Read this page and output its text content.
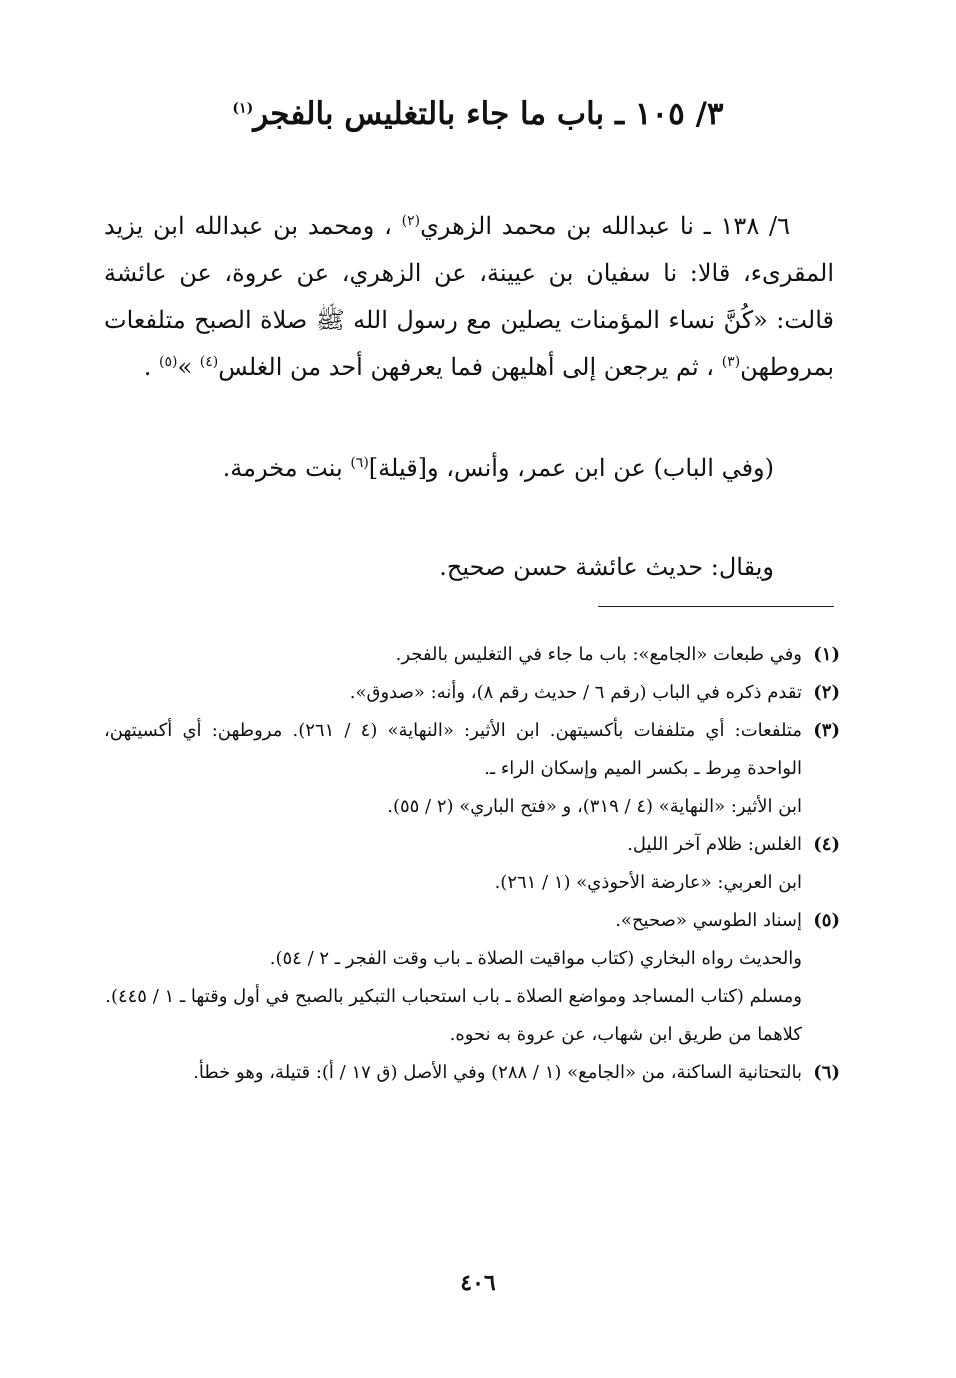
٣/ ١٠٥ ـ باب ما جاء بالتغليس بالفجر$^{(١)}$

٦/ ١٣٨ ـ نا عبدالله بن محمد الزهري$^{(٢)}$ ، ومحمد بن عبدالله ابن يزيد المقرىء، قالا: نا سفيان بن عيينة، عن الزهري، عن عروة، عن عائشة قالت: «كُنَّ نساء المؤمنات يصلين مع رسول الله ﷺ صلاة الصبح متلفعات بمروطهن$^{(٣)}$ ، ثم يرجعن إلى أهليهن فما يعرفهن أحد من الغلس$^{(٤)}$ »$^{(٥)}$ .

(وفي الباب) عن ابن عمر، وأنس، و[قيلة]$^{(٦)}$ بنت مخرمة.
ويقال: حديث عائشة حسن صحيح.
(١)
وفي طبعات «الجامع»: باب ما جاء في التغليس بالفجر.
(٢)
تقدم ذكره في الباب (رقم ٦ / حديث رقم ٨)، وأنه: «صدوق».
(٣)
متلفعات: أي متلففات بأكسيتهن. ابن الأثير: «النهاية» (٤ / ٢٦١). مروطهن: أي أكسيتهن، الواحدة مِرط ـ بكسر الميم وإسكان الراء ـ.
ابن الأثير: «النهاية» (٤ / ٣١٩)، و «فتح الباري» (٢ / ٥٥).
(٤)
الغلس: ظلام آخر الليل.
ابن العربي: «عارضة الأحوذي» (١ / ٢٦١).
(٥)
إسناد الطوسي «صحيح».
والحديث رواه البخاري (كتاب مواقيت الصلاة ـ باب وقت الفجر ـ ٢ / ٥٤).
ومسلم (كتاب المساجد ومواضع الصلاة ـ باب استحباب التبكير بالصبح في أول وقتها ـ ١ / ٤٤٥).
كلاهما من طريق ابن شهاب، عن عروة به نحوه.
(٦)
بالتحتانية الساكنة، من «الجامع» (١ / ٢٨٨) وفي الأصل (ق ١٧ / أ): قتيلة، وهو خطأ.
٤٠٦
